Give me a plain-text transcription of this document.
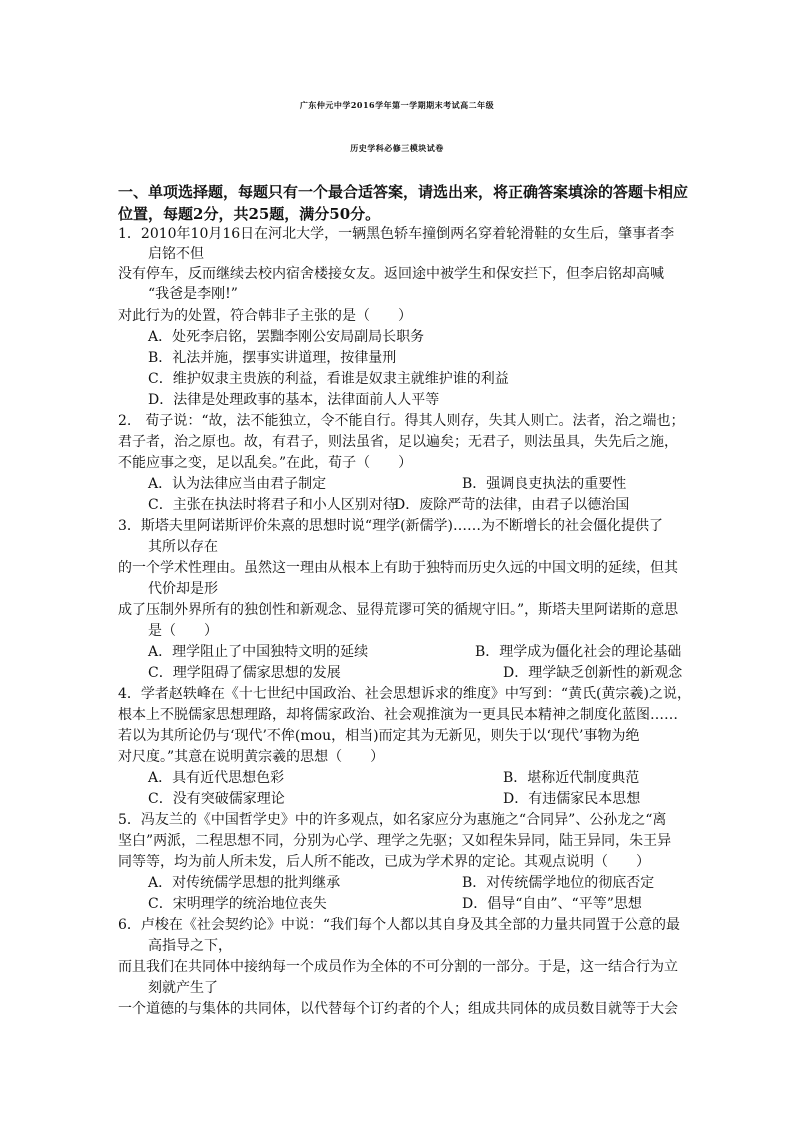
广东仲元中学2016学年第一学期期末考试高二年级
历史学科必修三模块试卷
一、单项选择题，每题只有一个最合适答案，请选出来，将正确答案填涂的答题卡相应位置，每题2分，共25题，满分50分。
1．2010年10月16日在河北大学，一辆黑色轿车撞倒两名穿着轮滑鞋的女生后，肇事者李
启铭不但
没有停车，反而继续去校内宿舍楼接女友。返回途中被学生和保安拦下，但李启铭却高喊
“我爸是李刚!”
对此行为的处置，符合韩非子主张的是（　　）
A．处死李启铭，罢黜李刚公安局副局长职务
B．礼法并施，摆事实讲道理，按律量刑
C．维护奴隶主贵族的利益，看谁是奴隶主就维护谁的利益
D．法律是处理政事的基本，法律面前人人平等
2.　荀子说：“故，法不能独立，令不能自行。得其人则存，失其人则亡。法者，治之端也；
君子者，治之原也。故，有君子，则法虽省，足以遍矣；无君子，则法虽具，失先后之施，
不能应事之变，足以乱矣。”在此，荀子（　　）
A．认为法律应当由君子制定	B．强调良吏执法的重要性
C．主张在执法时将君子和小人区别对待
D．废除严苛的法律，由君子以德治国
3．斯塔夫里阿诺斯评价朱熹的思想时说“理学(新儒学)……为不断增长的社会僵化提供了
其所以存在
的一个学术性理由。虽然这一理由从根本上有助于独特而历史久远的中国文明的延续，但其
代价却是形
成了压制外界所有的独创性和新观念、显得荒谬可笑的循规守旧。”，斯塔夫里阿诺斯的意思
是（　　）
A．理学阻止了中国独特文明的延续	B．理学成为僵化社会的理论基础
C．理学阻碍了儒家思想的发展	D．理学缺乏创新性的新观念
4．学者赵轶峰在《十七世纪中国政治、社会思想诉求的维度》中写到：“黄氏(黄宗羲)之说，
根本上不脱儒家思想理路，却将儒家政治、社会观推演为一更具民本精神之制度化蓝图……
若以为其所论仍与‘现代’不侔(mou，相当)而定其为无新见，则失于以‘现代’事物为绝
对尺度。”其意在说明黄宗羲的思想（　　）
A．具有近代思想色彩	B．堪称近代制度典范
C．没有突破儒家理论	D．有违儒家民本思想
5．冯友兰的《中国哲学史》中的许多观点，如名家应分为惠施之“合同异”、公孙龙之“离
坚白”两派，二程思想不同，分别为心学、理学之先驱；又如程朱异同，陆王异同，朱王异
同等等，均为前人所未发，后人所不能改，已成为学术界的定论。其观点说明（　　）
A．对传统儒学思想的批判继承	B．对传统儒学地位的彻底否定
C．宋明理学的统治地位丧失	D．倡导“自由”、“平等”思想
6．卢梭在《社会契约论》中说：“我们每个人都以其自身及其全部的力量共同置于公意的最
高指导之下，
而且我们在共同体中接纳每一个成员作为全体的不可分割的一部分。于是，这一结合行为立
刻就产生了
一个道德的与集体的共同体，以代替每个订约者的个人；组成共同体的成员数目就等于大会
